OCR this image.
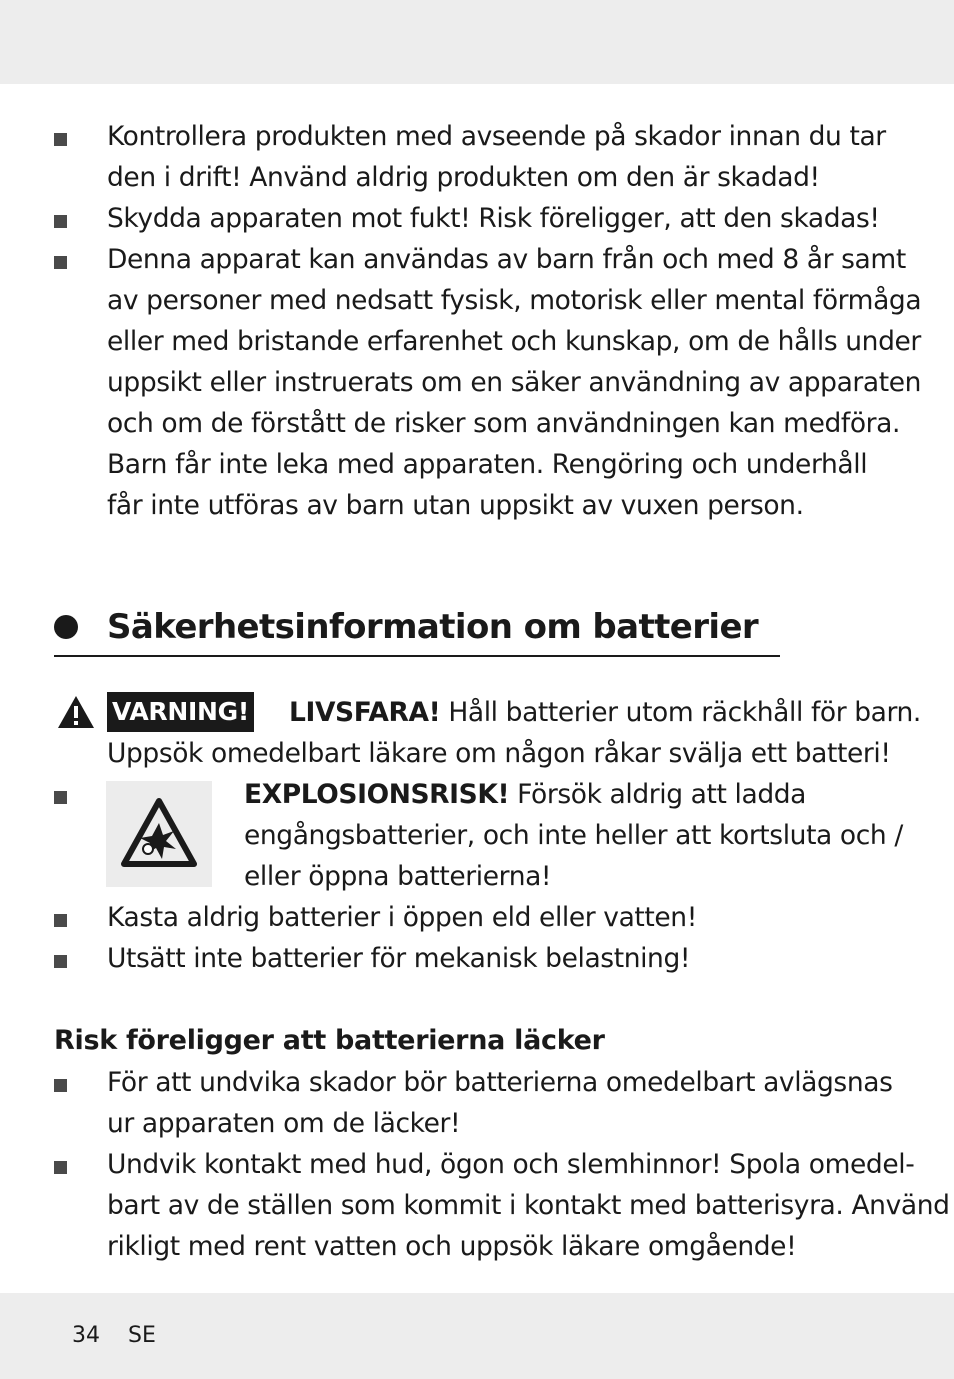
Kontrollera produkten med avseende på skador innan du tar
den i drift! Använd aldrig produkten om den är skadad!

Skydda apparaten mot fukt! Risk föreligger, att den skadas!

Denna apparat kan användas av barn från och med 8 år samt
av personer med nedsatt fysisk, motorisk eller mental förmåga
eller med bristande erfarenhet och kunskap, om de hålls under
uppsikt eller instruerats om en säker användning av apparaten
och om de förstått de risker som användningen kan medföra.
Barn får inte leka med apparaten. Rengöring och underhåll
får inte utföras av barn utan uppsikt av vuxen person.

Säkerhetsinformation om batterier
VARNING! LIVSFARA! Håll batterier utom räckhåll för barn.

Uppsök omedelbart läkare om någon råkar svälja ett batteri!

EXPLOSIONSRISK! Försök aldrig att ladda
engångsbatterier, och inte heller att kortsluta och /
eller öppna batterierna!

Kasta aldrig batterier i öppen eld eller vatten!

Utsätt inte batterier för mekanisk belastning!

Risk föreligger att batterierna läcker

För att undvika skador bör batterierna omedelbart avlägsnas
ur apparaten om de läcker!

Undvik kontakt med hud, ögon och slemhinnor! Spola omedel-
bart av de ställen som kommit i kontakt med batterisyra. Använd
rikligt med rent vatten och uppsök läkare omgående!

34 SE
